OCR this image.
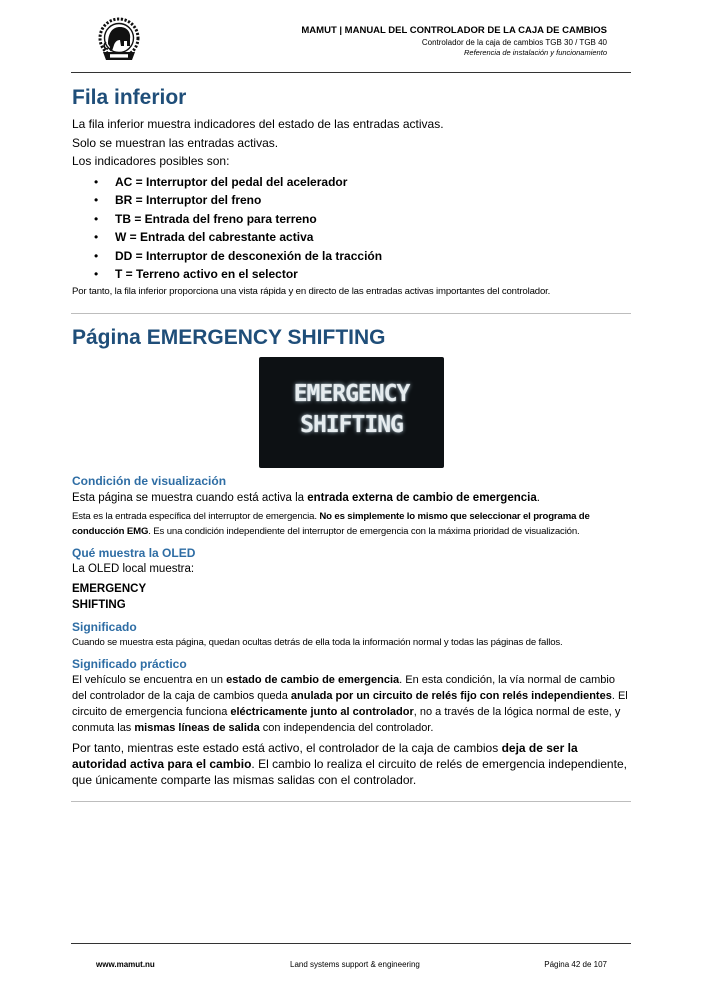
MAMUT | MANUAL DEL CONTROLADOR DE LA CAJA DE CAMBIOS
Controlador de la caja de cambios TGB 30 / TGB 40
Referencia de instalación y funcionamiento
Fila inferior

La fila inferior muestra indicadores del estado de las entradas activas.

Solo se muestran las entradas activas.

Los indicadores posibles son:

• AC = Interruptor del pedal del acelerador
• BR = Interruptor del freno
• TB = Entrada del freno para terreno
• W = Entrada del cabrestante activa
• DD = Interruptor de desconexión de la tracción
• T = Terreno activo en el selector

Por tanto, la fila inferior proporciona una vista rápida y en directo de las entradas activas importantes del controlador.

Página EMERGENCY SHIFTING
EMERGENCY
SHIFTING
Condición de visualización

Esta página se muestra cuando está activa la entrada externa de cambio de emergencia.

Esta es la entrada específica del interruptor de emergencia. No es simplemente lo mismo que seleccionar el programa de conducción EMG. Es una condición independiente del interruptor de emergencia con la máxima prioridad de visualización.

Qué muestra la OLED

La OLED local muestra:

EMERGENCY

SHIFTING

Significado

Cuando se muestra esta página, quedan ocultas detrás de ella toda la información normal y todas las páginas de fallos.

Significado práctico

El vehículo se encuentra en un estado de cambio de emergencia. En esta condición, la vía normal de cambio del controlador de la caja de cambios queda anulada por un circuito de relés fijo con relés independientes. El circuito de emergencia funciona eléctricamente junto al controlador, no a través de la lógica normal de este, y conmuta las mismas líneas de salida con independencia del controlador.

Por tanto, mientras este estado está activo, el controlador de la caja de cambios deja de ser la autoridad activa para el cambio. El cambio lo realiza el circuito de relés de emergencia independiente, que únicamente comparte las mismas salidas con el controlador.

www.mamut.nu	Land systems support & engineering	Página 42 de 107
